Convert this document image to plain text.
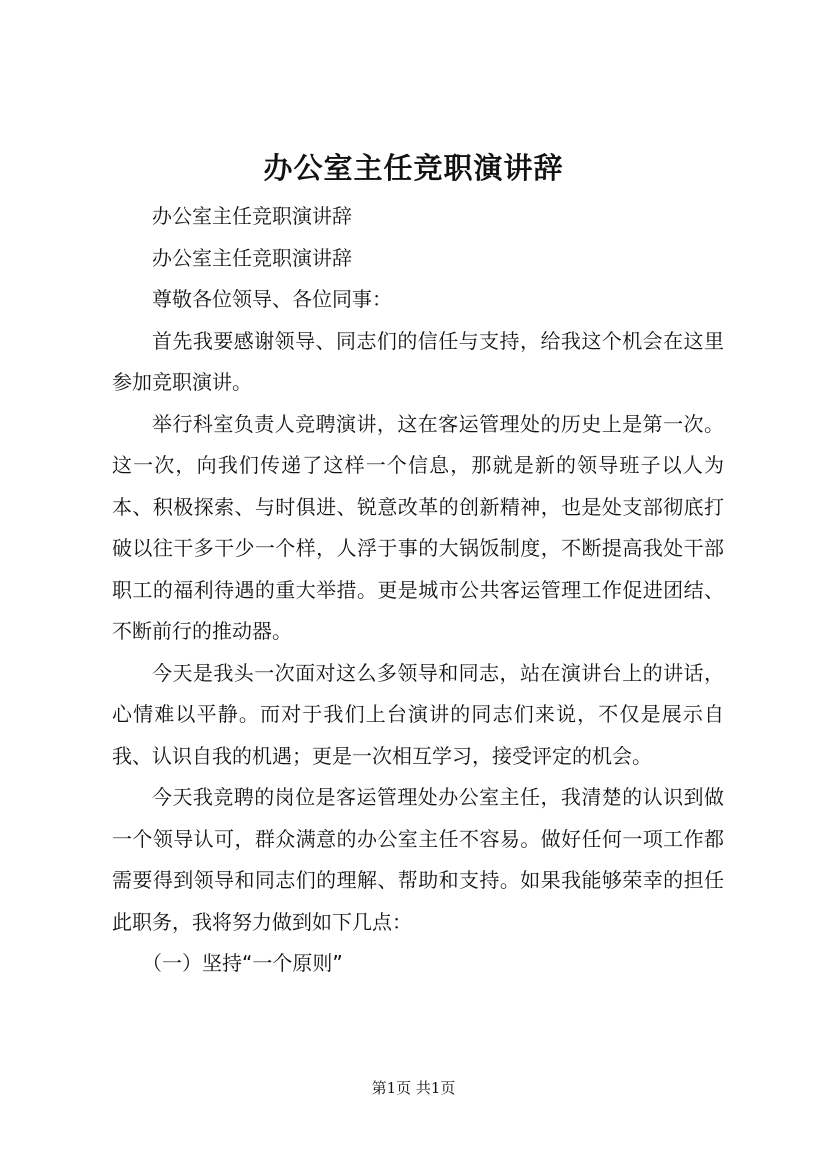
办公室主任竞职演讲辞

办公室主任竞职演讲辞

办公室主任竞职演讲辞

尊敬各位领导、各位同事：

首先我要感谢领导、同志们的信任与支持，给我这个机会在这里参加竞职演讲。

举行科室负责人竞聘演讲，这在客运管理处的历史上是第一次。这一次，向我们传递了这样一个信息，那就是新的领导班子以人为本、积极探索、与时俱进、锐意改革的创新精神，也是处支部彻底打破以往干多干少一个样，人浮于事的大锅饭制度，不断提高我处干部职工的福利待遇的重大举措。更是城市公共客运管理工作促进团结、不断前行的推动器。

今天是我头一次面对这么多领导和同志，站在演讲台上的讲话，心情难以平静。而对于我们上台演讲的同志们来说，不仅是展示自我、认识自我的机遇；更是一次相互学习，接受评定的机会。

今天我竞聘的岗位是客运管理处办公室主任，我清楚的认识到做一个领导认可，群众满意的办公室主任不容易。做好任何一项工作都需要得到领导和同志们的理解、帮助和支持。如果我能够荣幸的担任此职务，我将努力做到如下几点：

（一）坚持“一个原则”

第1页 共1页
